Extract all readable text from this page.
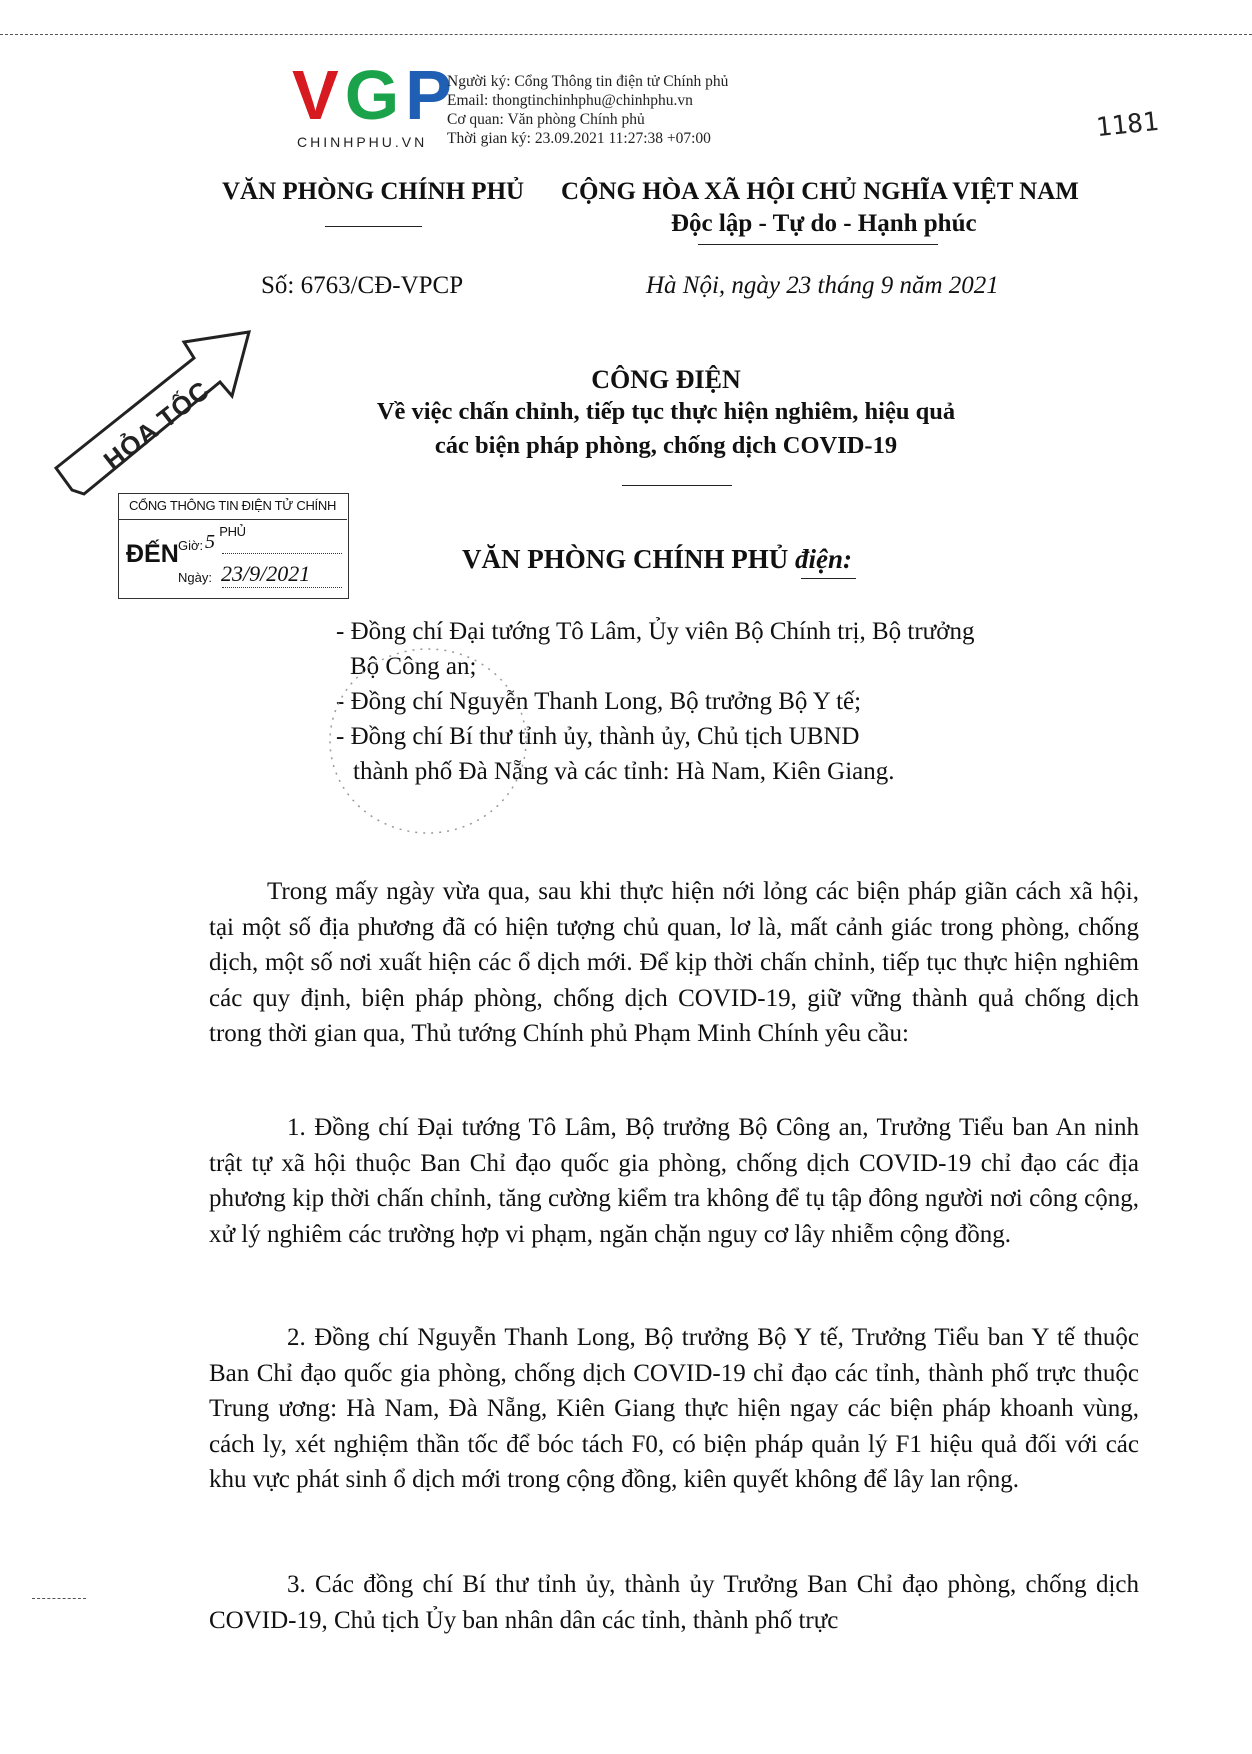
VGP
CHINHPHU.VN
Người ký: Cổng Thông tin điện tử Chính phủ
Email: thongtinchinhphu@chinhphu.vn
Cơ quan: Văn phòng Chính phủ
Thời gian ký: 23.09.2021 11:27:38 +07:00	1181
VĂN PHÒNG CHÍNH PHỦ CỘNG HÒA XÃ HỘI CHỦ NGHĨA VIỆT NAM
Độc lập - Tự do - Hạnh phúc
Số: 6763/CĐ-VPCP	Hà Nội, ngày 23 tháng 9 năm 2021
HỎA TỐC
CỔNG THÔNG TIN ĐIỆN TỬ CHÍNH PHỦ
ĐẾN Giờ: 5
Ngày: 23/9/2021
CÔNG ĐIỆN
Về việc chấn chỉnh, tiếp tục thực hiện nghiêm, hiệu quả
các biện pháp phòng, chống dịch COVID-19
VĂN PHÒNG CHÍNH PHỦ điện:
- Đồng chí Đại tướng Tô Lâm, Ủy viên Bộ Chính trị, Bộ trưởng
Bộ Công an;
- Đồng chí Nguyễn Thanh Long, Bộ trưởng Bộ Y tế;
- Đồng chí Bí thư tỉnh ủy, thành ủy, Chủ tịch UBND
thành phố Đà Nẵng và các tỉnh: Hà Nam, Kiên Giang.
Trong mấy ngày vừa qua, sau khi thực hiện nới lỏng các biện pháp giãn cách xã hội, tại một số địa phương đã có hiện tượng chủ quan, lơ là, mất cảnh giác trong phòng, chống dịch, một số nơi xuất hiện các ổ dịch mới. Để kịp thời chấn chỉnh, tiếp tục thực hiện nghiêm các quy định, biện pháp phòng, chống dịch COVID-19, giữ vững thành quả chống dịch trong thời gian qua, Thủ tướng Chính phủ Phạm Minh Chính yêu cầu:
1. Đồng chí Đại tướng Tô Lâm, Bộ trưởng Bộ Công an, Trưởng Tiểu ban An ninh trật tự xã hội thuộc Ban Chỉ đạo quốc gia phòng, chống dịch COVID-19 chỉ đạo các địa phương kịp thời chấn chỉnh, tăng cường kiểm tra không để tụ tập đông người nơi công cộng, xử lý nghiêm các trường hợp vi phạm, ngăn chặn nguy cơ lây nhiễm cộng đồng.
2. Đồng chí Nguyễn Thanh Long, Bộ trưởng Bộ Y tế, Trưởng Tiểu ban Y tế thuộc Ban Chỉ đạo quốc gia phòng, chống dịch COVID-19 chỉ đạo các tỉnh, thành phố trực thuộc Trung ương: Hà Nam, Đà Nẵng, Kiên Giang thực hiện ngay các biện pháp khoanh vùng, cách ly, xét nghiệm thần tốc để bóc tách F0, có biện pháp quản lý F1 hiệu quả đối với các khu vực phát sinh ổ dịch mới trong cộng đồng, kiên quyết không để lây lan rộng.
3. Các đồng chí Bí thư tỉnh ủy, thành ủy Trưởng Ban Chỉ đạo phòng, chống dịch COVID-19, Chủ tịch Ủy ban nhân dân các tỉnh, thành phố trực
